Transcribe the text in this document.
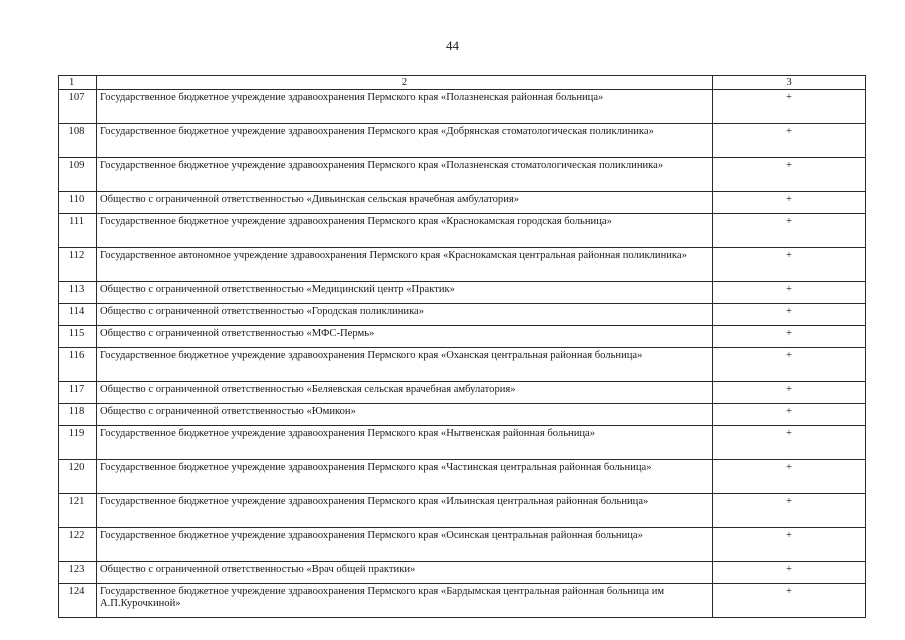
44
1	2	3
107	Государственное бюджетное учреждение здравоохранения Пермского края «Полазненская районная больница»	+
108	Государственное бюджетное учреждение здравоохранения Пермского края «Добрянская стоматологическая поликлиника»	+
109	Государственное бюджетное учреждение здравоохранения Пермского края «Полазненская стоматологическая поликлиника»	+
110	Общество с ограниченной ответственностью «Дивьинская сельская врачебная амбулатория»	+
111	Государственное бюджетное учреждение здравоохранения Пермского края «Краснокамская городская больница»	+
112	Государственное автономное учреждение здравоохранения Пермского края «Краснокамская центральная районная поликлиника»	+
113	Общество с ограниченной ответственностью «Медицинский центр «Практик»	+
114	Общество с ограниченной ответственностью «Городская поликлиника»	+
115	Общество с ограниченной ответственностью «МФС-Пермь»	+
116	Государственное бюджетное учреждение здравоохранения Пермского края «Оханская центральная районная больница»	+
117	Общество с ограниченной ответственностью «Беляевская сельская врачебная амбулатория»	+
118	Общество с ограниченной ответственностью «Юмикон»	+
119	Государственное бюджетное учреждение здравоохранения Пермского края «Нытвенская районная больница»	+
120	Государственное бюджетное учреждение здравоохранения Пермского края «Частинская центральная районная больница»	+
121	Государственное бюджетное учреждение здравоохранения Пермского края «Ильинская центральная районная больница»	+
122	Государственное бюджетное учреждение здравоохранения Пермского края «Осинская центральная районная больница»	+
123	Общество с ограниченной ответственностью «Врач общей практики»	+
124	Государственное бюджетное учреждение здравоохранения Пермского края «Бардымская центральная районная больница им А.П.Курочкиной»	+
